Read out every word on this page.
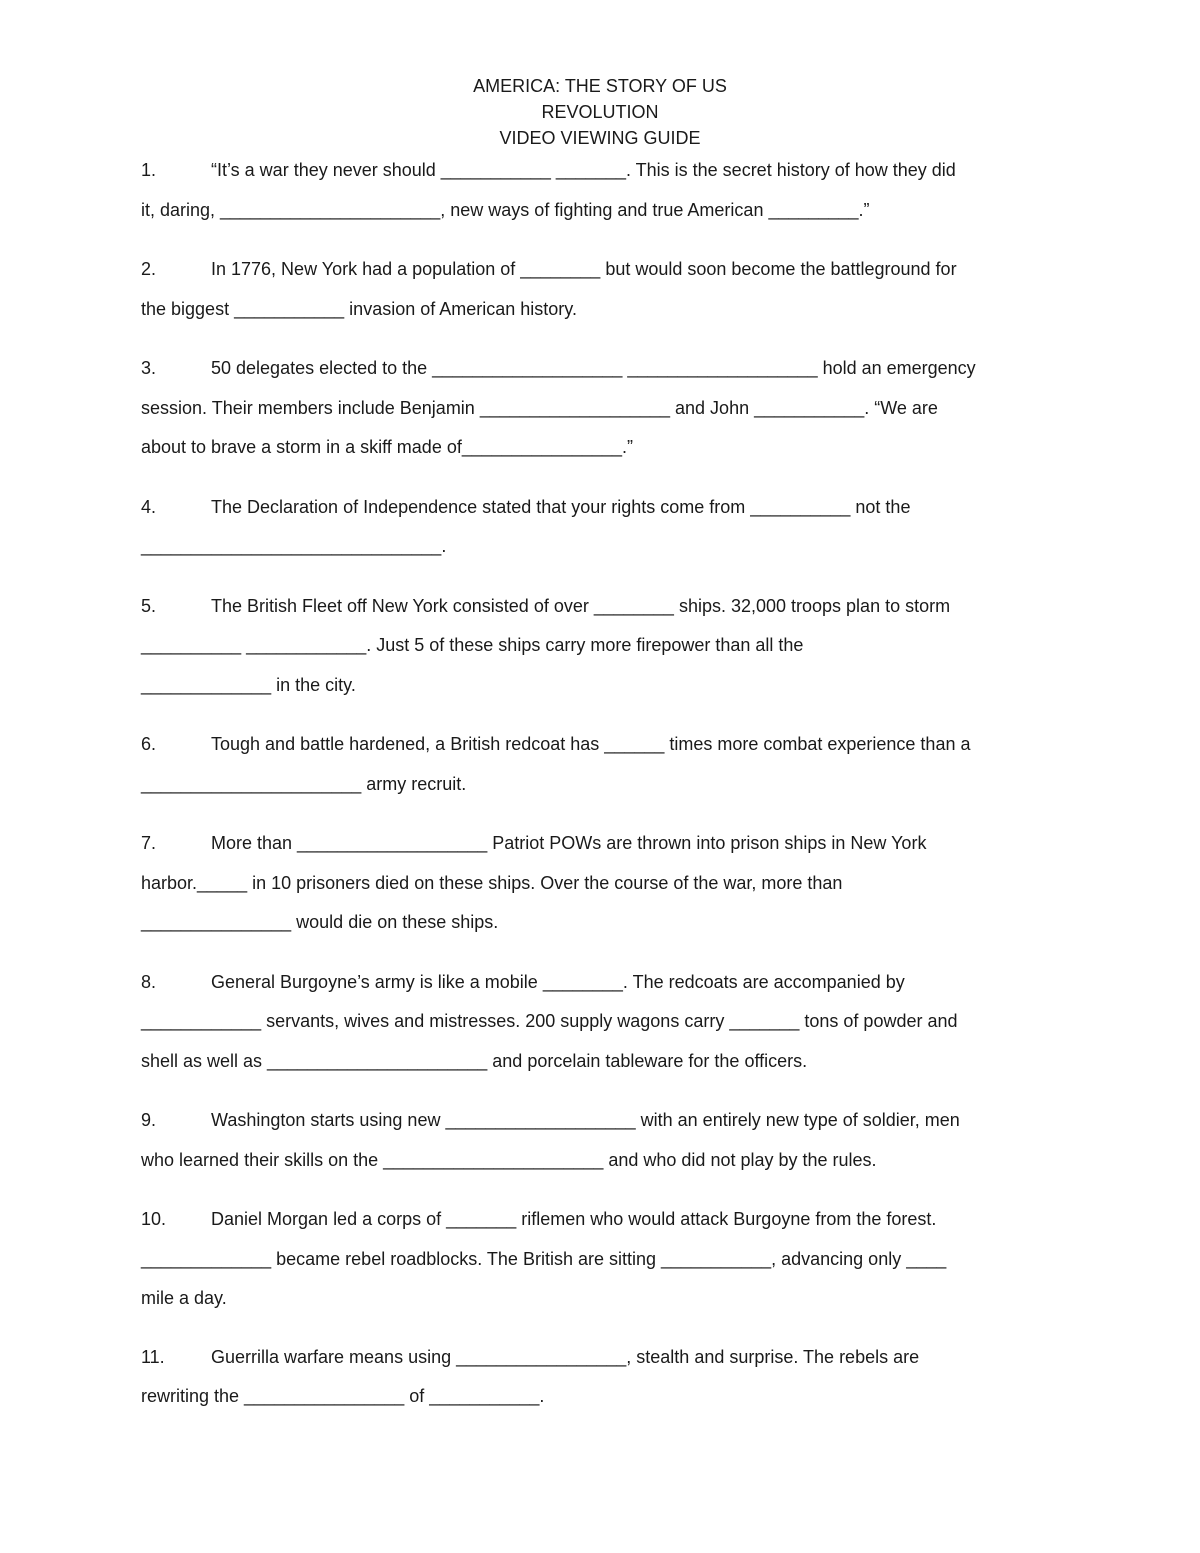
AMERICA: THE STORY OF US
REVOLUTION
VIDEO VIEWING GUIDE
1.	“It’s a war they never should ___________ _______. This is the secret history of how they did
it, daring, ______________________, new ways of fighting and true American _________.”
2.	In 1776, New York had a population of ________ but would soon become the battleground for
the biggest ___________ invasion of American history.
3.	50 delegates elected to the ___________________ ___________________ hold an emergency
session. Their members include Benjamin ___________________ and John ___________. “We are
about to brave a storm in a skiff made of________________.”
4.	The Declaration of Independence stated that your rights come from __________ not the
______________________________.
5.	The British Fleet off New York consisted of over ________ ships. 32,000 troops plan to storm
__________ ____________. Just 5 of these ships carry more firepower than all the
_____________ in the city.
6.	Tough and battle hardened, a British redcoat has ______ times more combat experience than a
______________________ army recruit.
7.	More than ___________________ Patriot POWs are thrown into prison ships in New York
harbor._____ in 10 prisoners died on these ships. Over the course of the war, more than
_______________ would die on these ships.
8.	General Burgoyne’s army is like a mobile ________. The redcoats are accompanied by
____________ servants, wives and mistresses. 200 supply wagons carry _______ tons of powder and
shell as well as ______________________ and porcelain tableware for the officers.
9.	Washington starts using new ___________________ with an entirely new type of soldier, men
who learned their skills on the ______________________ and who did not play by the rules.
10. Daniel Morgan led a corps of _______ riflemen who would attack Burgoyne from the forest.
_____________ became rebel roadblocks. The British are sitting ___________, advancing only ____
mile a day.
11.	Guerrilla warfare means using _________________, stealth and surprise. The rebels are
rewriting the ________________ of ___________.
